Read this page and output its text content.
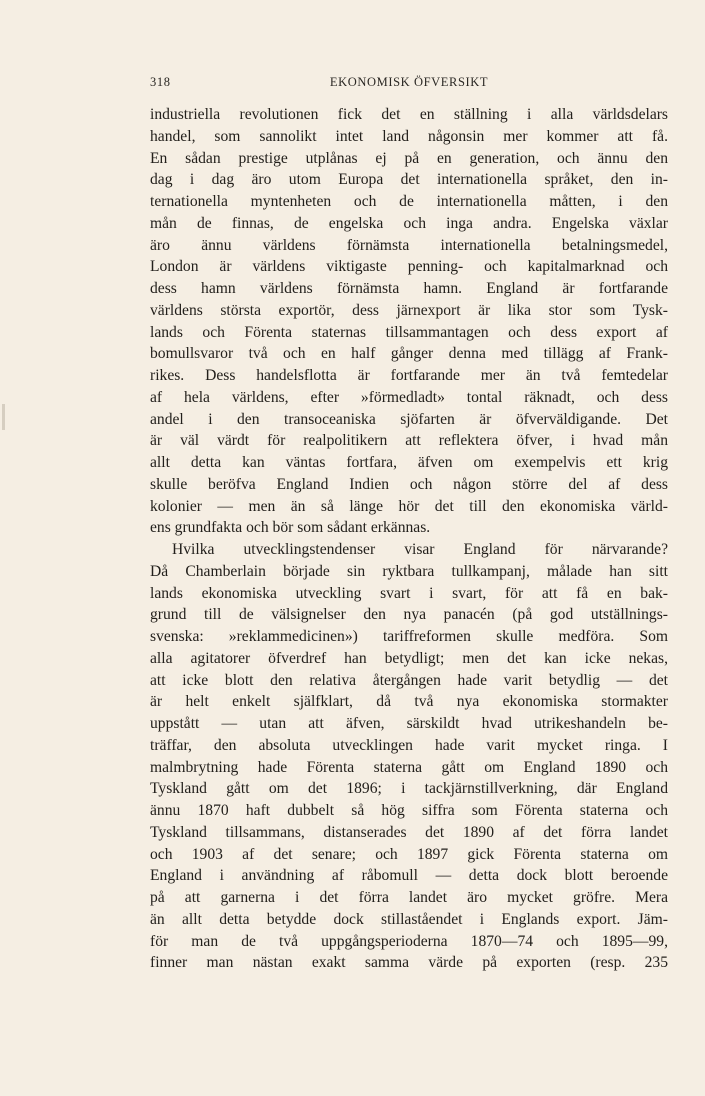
318	EKONOMISK ÖFVERSIKT
industriella revolutionen fick det en ställning i alla världsdelars
handel, som sannolikt intet land någonsin mer kommer att få.
En sådan prestige utplånas ej på en generation, och ännu den
dag i dag äro utom Europa det internationella språket, den in-
ternationella myntenheten och de internationella måtten, i den
mån de finnas, de engelska och inga andra. Engelska växlar
äro ännu världens förnämsta internationella betalningsmedel,
London är världens viktigaste penning- och kapitalmarknad och
dess hamn världens förnämsta hamn. England är fortfarande
världens största exportör, dess järnexport är lika stor som Tysk-
lands och Förenta staternas tillsammantagen och dess export af
bomullsvaror två och en half gånger denna med tillägg af Frank-
rikes. Dess handelsflotta är fortfarande mer än två femtedelar
af hela världens, efter »förmedladt» tontal räknadt, och dess
andel i den transoceaniska sjöfarten är öfverväldigande. Det
är väl värdt för realpolitikern att reflektera öfver, i hvad mån
allt detta kan väntas fortfara, äfven om exempelvis ett krig
skulle beröfva England Indien och någon större del af dess
kolonier — men än så länge hör det till den ekonomiska värld-
ens grundfakta och bör som sådant erkännas.
Hvilka utvecklingstendenser visar England för närvarande?
Då Chamberlain började sin ryktbara tullkampanj, målade han sitt
lands ekonomiska utveckling svart i svart, för att få en bak-
grund till de välsignelser den nya panacén (på god utställnings-
svenska: »reklammedicinen») tariffreformen skulle medföra. Som
alla agitatorer öfverdref han betydligt; men det kan icke nekas,
att icke blott den relativa återgången hade varit betydlig — det
är helt enkelt själfklart, då två nya ekonomiska stormakter
uppstått — utan att äfven, särskildt hvad utrikeshandeln be-
träffar, den absoluta utvecklingen hade varit mycket ringa. I
malmbrytning hade Förenta staterna gått om England 1890 och
Tyskland gått om det 1896; i tackjärnstillverkning, där England
ännu 1870 haft dubbelt så hög siffra som Förenta staterna och
Tyskland tillsammans, distanserades det 1890 af det förra landet
och 1903 af det senare; och 1897 gick Förenta staterna om
England i användning af råbomull — detta dock blott beroende
på att garnerna i det förra landet äro mycket gröfre. Mera
än allt detta betydde dock stillaståendet i Englands export. Jäm-
för man de två uppgångsperioderna 1870—74 och 1895—99,
finner man nästan exakt samma värde på exporten (resp. 235
